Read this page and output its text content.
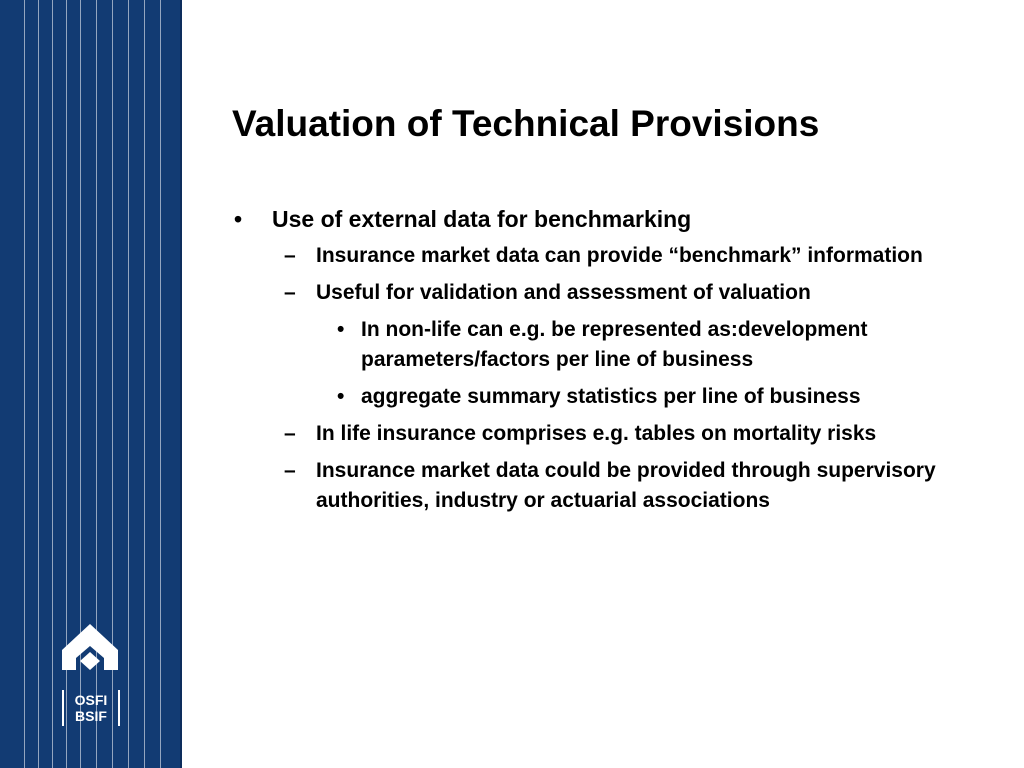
OSFI
BSIF
Valuation of Technical Provisions

• Use of external data for benchmarking

– Insurance market data can provide “benchmark” information

– Useful for validation and assessment of valuation

• In non-life can e.g. be represented as:development parameters/factors per line of business

• aggregate summary statistics per line of business

– In life insurance comprises e.g. tables on mortality risks

– Insurance market data could be provided through supervisory authorities, industry or actuarial associations
